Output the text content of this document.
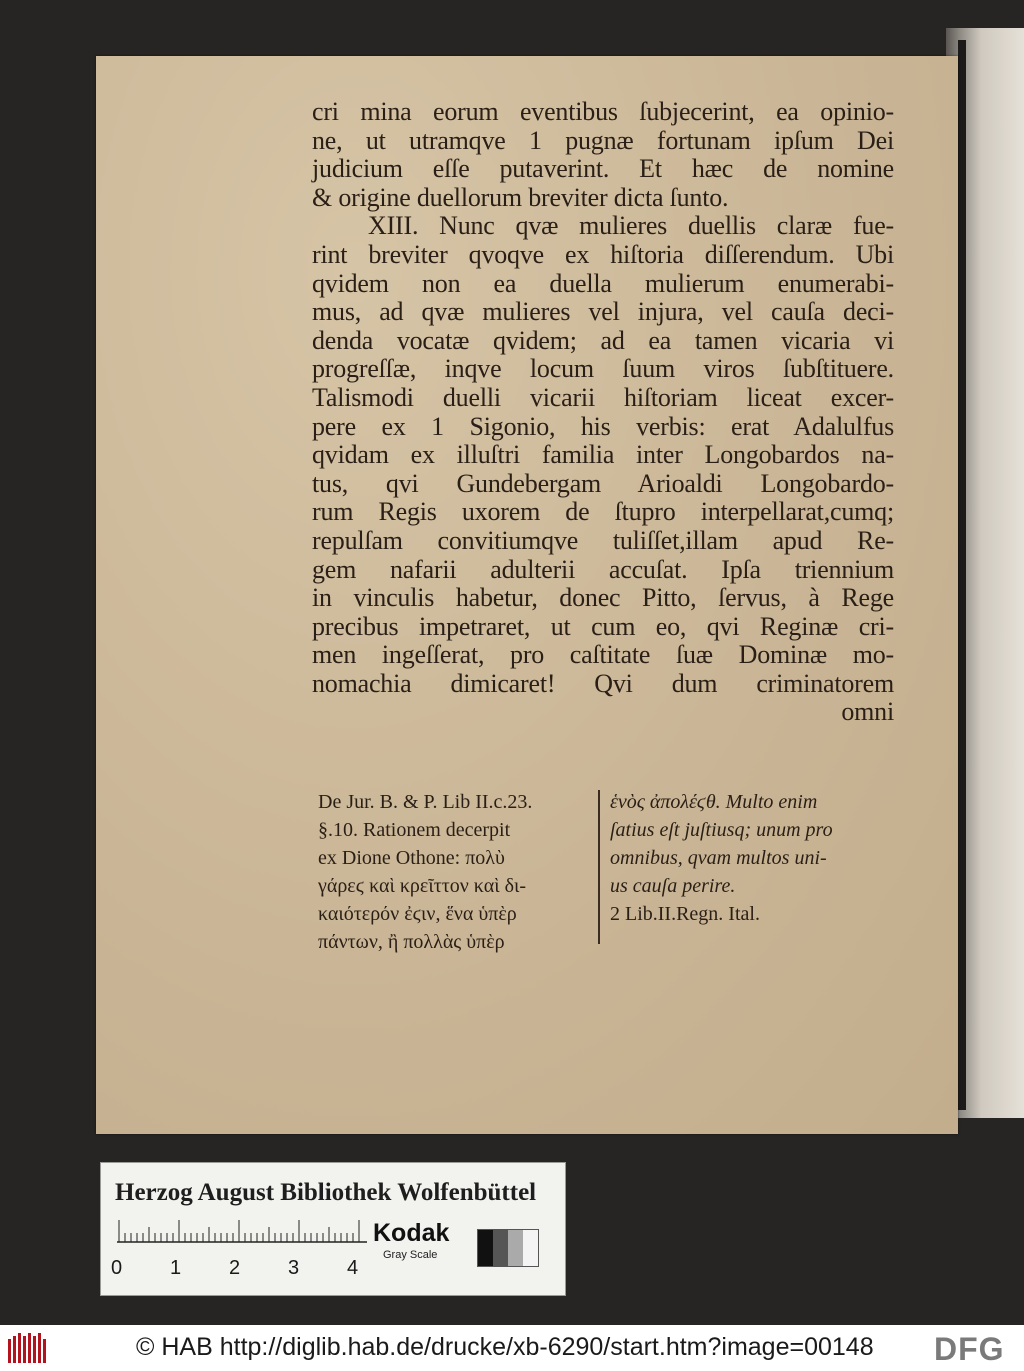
cri mina eorum eventibus ſubjecerint, ea opinio-
ne, ut utramqve 1 pugnæ fortunam ipſum Dei
judicium eſſe putaverint. Et hæc de nomine
& origine duellorum breviter dicta ſunto.
XIII. Nunc qvæ mulieres duellis claræ fue-
rint breviter qvoqve ex hiſtoria diſſerendum. Ubi
qvidem non ea duella mulierum enumerabi-
mus, ad qvæ mulieres vel injura, vel cauſa deci-
denda vocatæ qvidem; ad ea tamen vicaria vi
progreſſæ, inqve locum ſuum viros ſubſtituere.
Talismodi duelli vicarii hiſtoriam liceat excer-
pere ex 1 Sigonio, his verbis: erat Adalulfus
qvidam ex illuſtri familia inter Longobardos na-
tus, qvi Gundebergam Arioaldi Longobardo-
rum Regis uxorem de ſtupro interpellarat,cumq;
repulſam convitiumqve tuliſſet,illam apud Re-
gem nafarii adulterii accuſat. Ipſa triennium
in vinculis habetur, donec Pitto, ſervus, à Rege
precibus impetraret, ut cum eo, qvi Reginæ cri-
men ingeſſerat, pro caſtitate ſuæ Dominæ mo-
nomachia dimicaret! Qvi dum criminatorem
omni
De Jur. B. & P. Lib II.c.23.
§.10. Rationem decerpit
ex Dione Othone: πολὺ
γάρεϛ καὶ κρεῖττον καὶ δι-
καιότερόν ἐϛιν, ἕνα ὑπὲρ
πάντων, ἢ πολλὰς ὑπὲρ
ἑνὸς ἀπολέϛθ. Multo enim
ſatius eſt juſtiusq; unum pro
omnibus, qvam multos uni-
us cauſa perire.
2 Lib.II.Regn. Ital.
Herzog August Bibliothek Wolfenbüttel
0 1 2 3 4
Kodak
Gray Scale
© HAB http://diglib.hab.de/drucke/xb-6290/start.htm?image=00148 DFG
